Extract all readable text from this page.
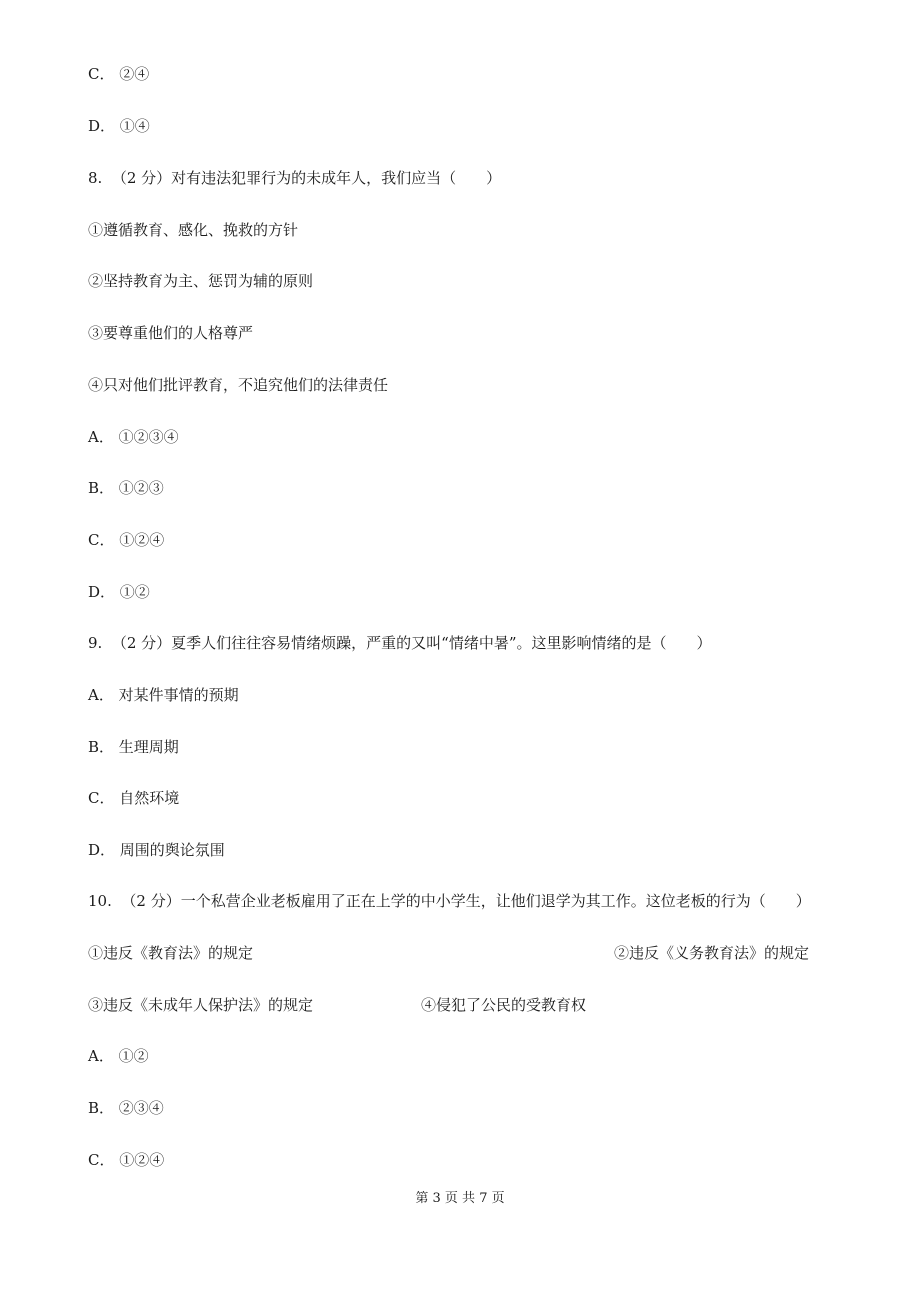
C． ②④
D． ①④
8.  （2 分）对有违法犯罪行为的未成年人，我们应当（　　）
①遵循教育、感化、挽救的方针
②坚持教育为主、惩罚为辅的原则
③要尊重他们的人格尊严
④只对他们批评教育，不追究他们的法律责任
A． ①②③④
B． ①②③
C． ①②④
D． ①②
9.  （2 分）夏季人们往往容易情绪烦躁，严重的又叫“情绪中暑”。这里影响情绪的是（　　）
A． 对某件事情的预期
B． 生理周期
C． 自然环境
D． 周围的舆论氛围
10.  （2 分）一个私营企业老板雇用了正在上学的中小学生，让他们退学为其工作。这位老板的行为（　　）
①违反《教育法》的规定	②违反《义务教育法》的规定
③违反《未成年人保护法》的规定	④侵犯了公民的受教育权
A． ①②
B． ②③④
C． ①②④
第 3 页 共 7 页
